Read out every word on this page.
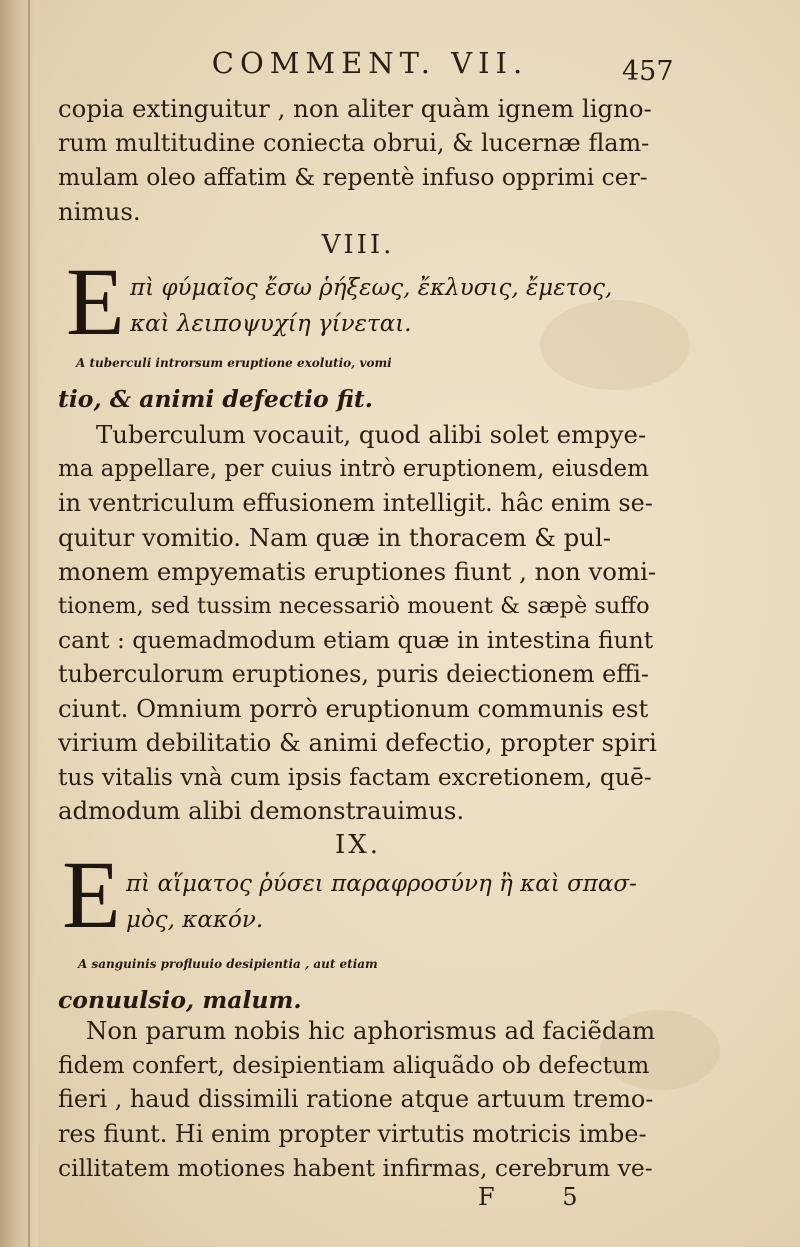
COMMENT. VII.	457
copia extinguitur , non aliter quàm ignem ligno-
rum multitudine coniecta obrui, & lucernæ flam-
mulam oleo affatim & repentè infuso opprimi cer-
nimus.
VIII.
E πὶ φύμαῖος ἔσω ῥήξεως, ἔκλυσις, ἔμετος,
καὶ λειποψυχίη γίνεται.
A tuberculi introrsum eruptione exolutio, vomi
tio, & animi defectio fit.
Tuberculum vocauit, quod alibi solet empye-
ma appellare, per cuius intrò eruptionem, eiusdem
in ventriculum effusionem intelligit. hâc enim se-
quitur vomitio. Nam quæ in thoracem & pul-
monem empyematis eruptiones fiunt , non vomi-
tionem, sed tussim necessariò mouent & sæpè suffo
cant : quemadmodum etiam quæ in intestina fiunt
tuberculorum eruptiones, puris deiectionem effi-
ciunt. Omnium porrò eruptionum communis est
virium debilitatio & animi defectio, propter spiri
tus vitalis vnà cum ipsis factam excretionem, quē-
admodum alibi demonstrauimus.
IX.
E πὶ αἵματος ῥύσει παραφροσύνη ἢ καὶ σπασ-
μὸς, κακόν.
A sanguinis profluuio desipientia , aut etiam
conuulsio, malum.
Non parum nobis hic aphorismus ad faciẽdam
fidem confert, desipientiam aliquãdo ob defectum
fieri , haud dissimili ratione atque artuum tremo-
res fiunt. Hi enim propter virtutis motricis imbe-
cillitatem motiones habent infirmas, cerebrum ve-
F 5
